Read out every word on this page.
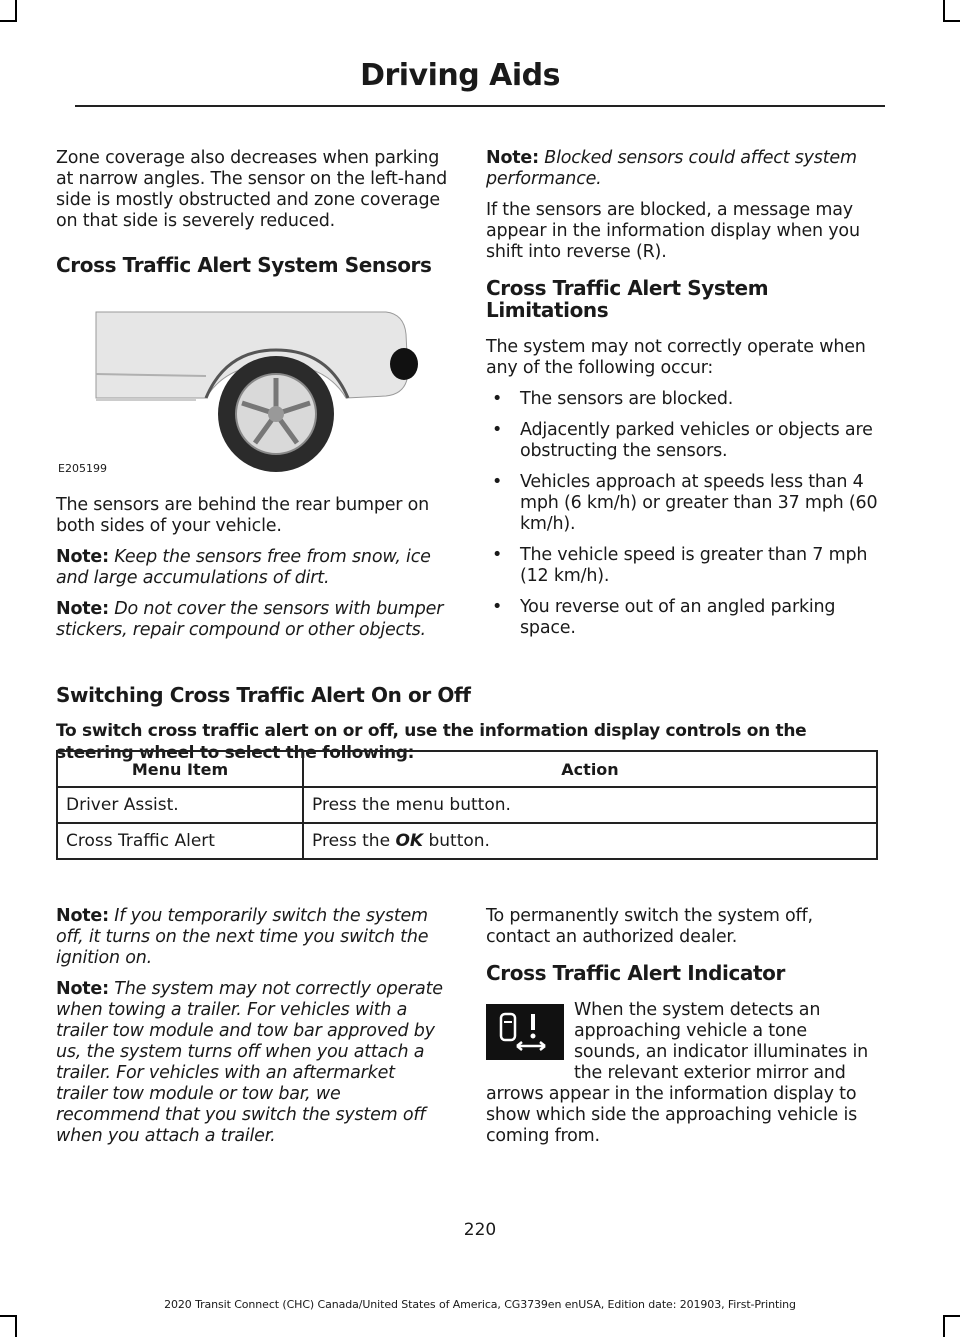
Driving Aids

Zone coverage also decreases when parking at narrow angles. The sensor on the left-hand side is mostly obstructed and zone coverage on that side is severely reduced.

Cross Traffic Alert System Sensors
E205199

The sensors are behind the rear bumper on both sides of your vehicle.

Note: Keep the sensors free from snow, ice and large accumulations of dirt.

Note: Do not cover the sensors with bumper stickers, repair compound or other objects.

Note: Blocked sensors could affect system performance.

If the sensors are blocked, a message may appear in the information display when you shift into reverse (R).

Cross Traffic Alert System Limitations

The system may not correctly operate when any of the following occur:

• The sensors are blocked.
• Adjacently parked vehicles or objects are obstructing the sensors.
• Vehicles approach at speeds less than 4 mph (6 km/h) or greater than 37 mph (60 km/h).
• The vehicle speed is greater than 7 mph (12 km/h).
• You reverse out of an angled parking space.
Switching Cross Traffic Alert On or Off
To switch cross traffic alert on or off, use the information display controls on the steering wheel to select the following:
Menu Item	Action
Driver Assist.	Press the menu button.
Cross Traffic Alert	Press the OK button.

Note: If you temporarily switch the system off, it turns on the next time you switch the ignition on.

Note: The system may not correctly operate when towing a trailer. For vehicles with a trailer tow module and tow bar approved by us, the system turns off when you attach a trailer. For vehicles with an aftermarket trailer tow module or tow bar, we recommend that you switch the system off when you attach a trailer.

To permanently switch the system off, contact an authorized dealer.

Cross Traffic Alert Indicator

When the system detects an approaching vehicle a tone sounds, an indicator illuminates in the relevant exterior mirror and arrows appear in the information display to show which side the approaching vehicle is coming from.

220
2020 Transit Connect (CHC) Canada/United States of America, CG3739en enUSA, Edition date: 201903, First-Printing
